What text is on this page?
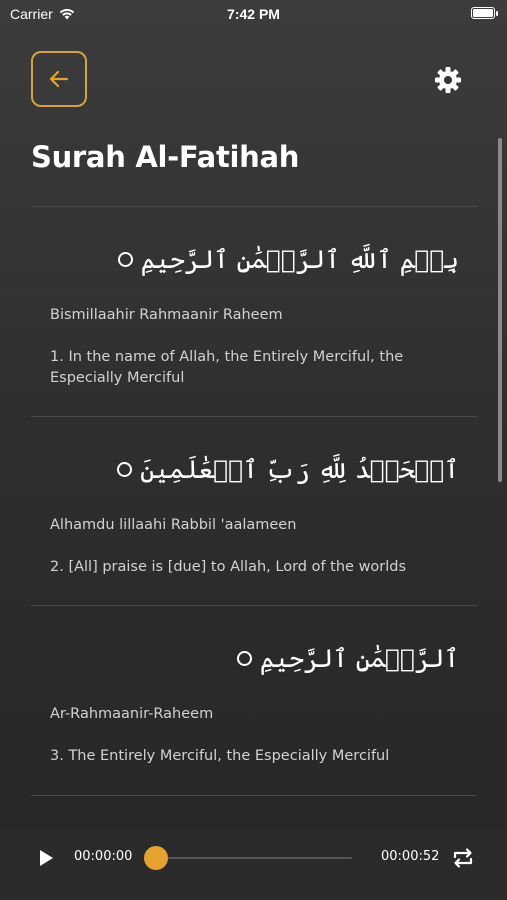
Carrier	7:42 PM
Surah Al-Fatihah
بِسۡمِ ٱللَّهِ ٱلرَّحۡمَٰنِ ٱلرَّحِيمِ
Bismillaahir Rahmaanir Raheem
1. In the name of Allah, the Entirely Merciful, the Especially Merciful
ٱلۡحَمۡدُ لِلَّهِ رَبِّ ٱلۡعَٰلَمِينَ
Alhamdu lillaahi Rabbil 'aalameen
2. [All] praise is [due] to Allah, Lord of the worlds
ٱلرَّحۡمَٰنِ ٱلرَّحِيمِ
Ar-Rahmaanir-Raheem
3. The Entirely Merciful, the Especially Merciful
00:00:00	00:00:52
